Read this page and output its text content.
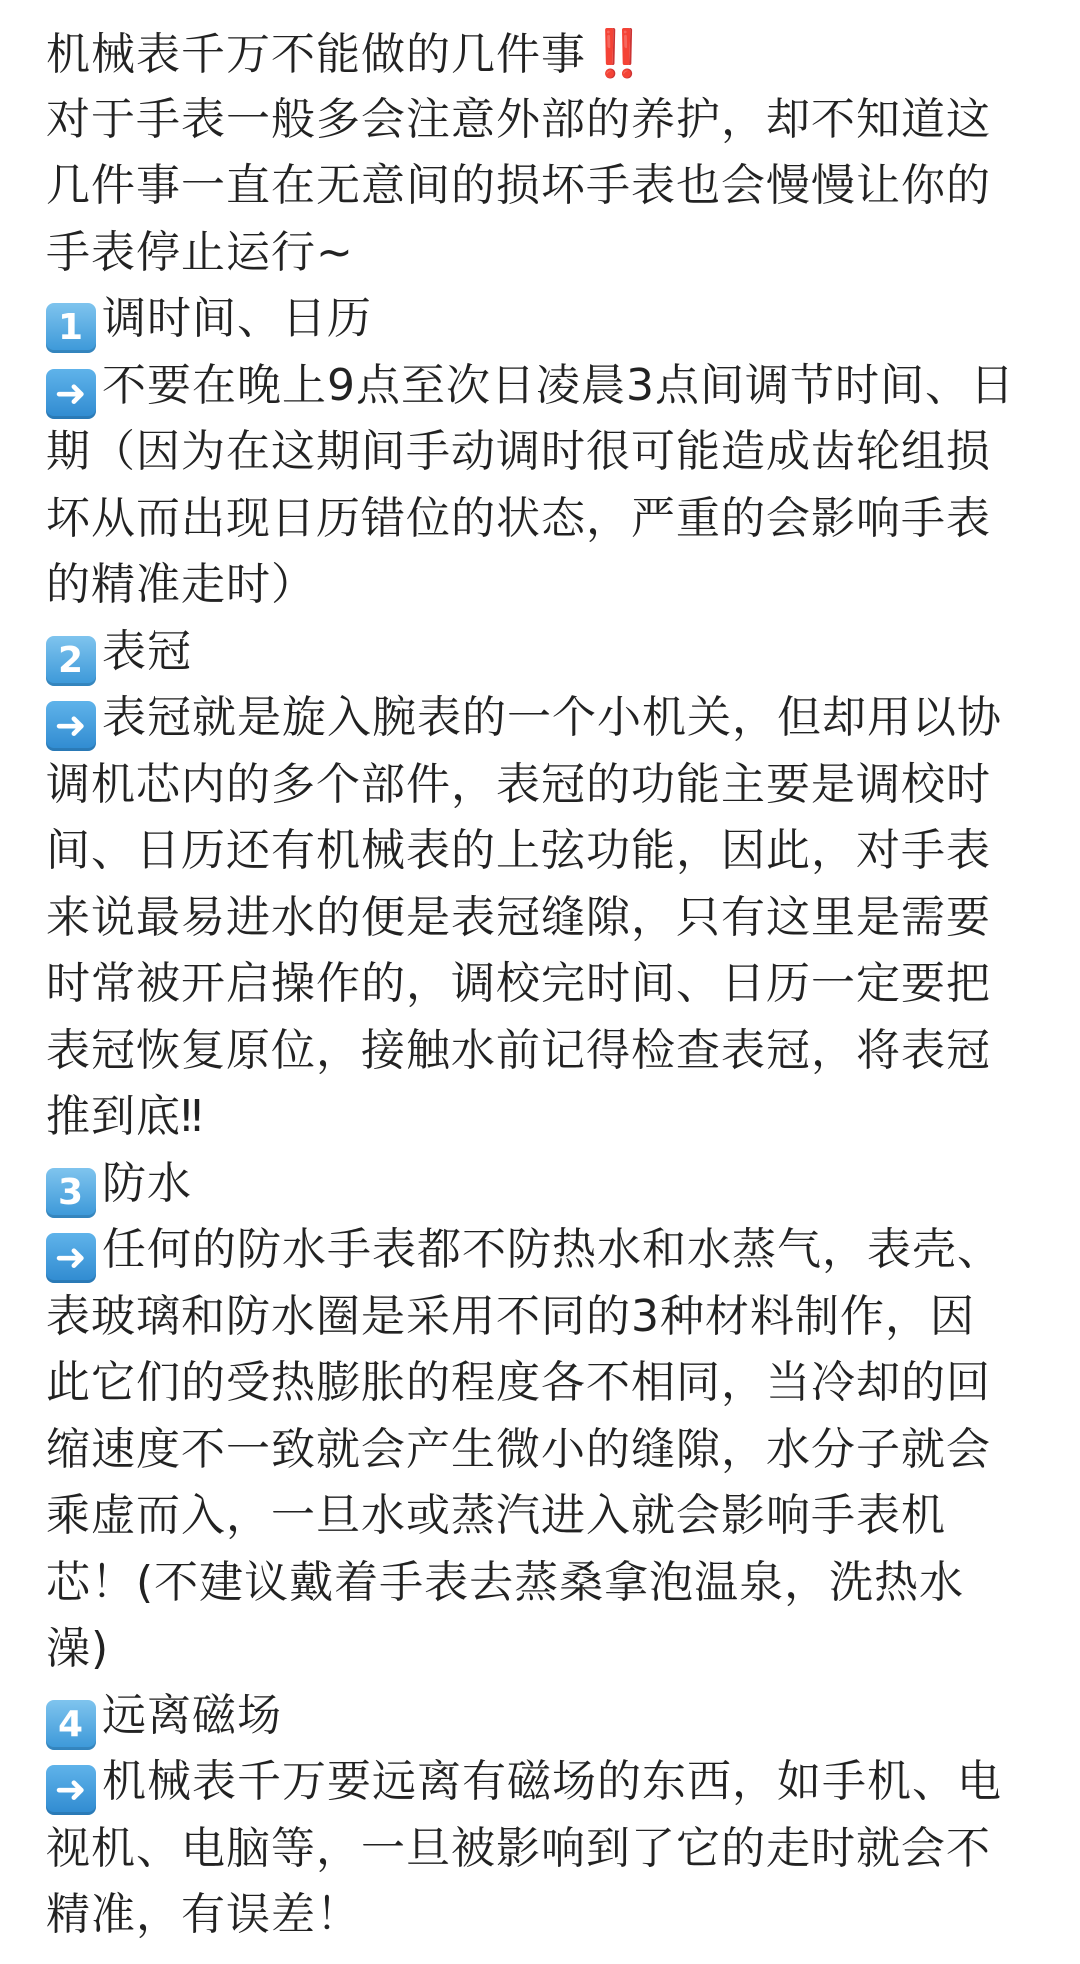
机械表千万不能做的几件事‼️
对于手表一般多会注意外部的养护，却不知道这
几件事一直在无意间的损坏手表也会慢慢让你的
手表停止运行~
1 调时间、日历
➜ 不要在晚上9点至次日凌晨3点间调节时间、日
期（因为在这期间手动调时很可能造成齿轮组损
坏从而出现日历错位的状态，严重的会影响手表
的精准走时）
2 表冠
➜ 表冠就是旋入腕表的一个小机关，但却用以协
调机芯内的多个部件，表冠的功能主要是调校时
间、日历还有机械表的上弦功能，因此，对手表
来说最易进水的便是表冠缝隙，只有这里是需要
时常被开启操作的，调校完时间、日历一定要把
表冠恢复原位，接触水前记得检查表冠，将表冠
推到底‼
3 防水
➜ 任何的防水手表都不防热水和水蒸气，表壳、
表玻璃和防水圈是采用不同的3种材料制作，因
此它们的受热膨胀的程度各不相同，当冷却的回
缩速度不一致就会产生微小的缝隙，水分子就会
乘虚而入，一旦水或蒸汽进入就会影响手表机
芯！(不建议戴着手表去蒸桑拿泡温泉，洗热水
澡)
4 远离磁场
➜ 机械表千万要远离有磁场的东西，如手机、电
视机、电脑等，一旦被影响到了它的走时就会不
精准，有误差！
